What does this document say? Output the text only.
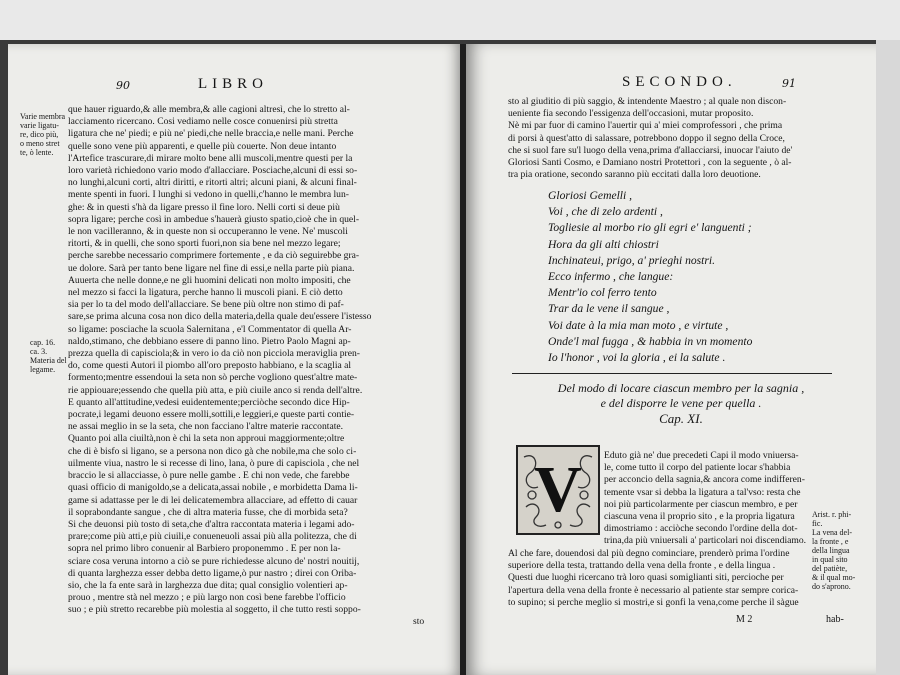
90	LIBRO
Varie membra
varie ligatu-
re, dico più,
o meno stret
te, ò lente.
cap. 16.
ca. 3.
Materia del
legame.
que hauer riguardo,& alle membra,& alle cagioni altresì, che lo stretto al-
lacciamento ricercano. Cosi vediamo nelle cosce conuenirsi più stretta
ligatura che ne' piedi; e più ne' piedi,che nelle braccia,e nelle mani. Perche
quelle sono vene più apparenti, e quelle più couerte. Non deue intanto
l'Artefice trascurare,di mirare molto bene alli muscoli,mentre questi per la
loro varietà richiedono vario modo d'allacciare. Posciache,alcuni di essi so-
no lunghi,alcuni corti, altri diritti, e ritorti altri; alcuni piani, & alcuni final-
mente spenti in fuori. I lunghi si vedono in quelli,c'hanno le membra lun-
ghe: & in questi s'hà da ligare presso il fine loro. Nelli corti si deue più
sopra ligare; perche così in ambedue s'hauerà giusto spatio,cioè che in quel-
le non vacilleranno, & in queste non si occuperanno le vene. Ne' muscoli
ritorti, & in quelli, che sono sporti fuori,non sia bene nel mezzo legare;
perche sarebbe necessario comprimere fortemente , e da ciò seguirebbe gra-
ue dolore. Sarà per tanto bene ligare nel fine di essi,e nella parte più piana.
Auuerta che nelle donne,e ne gli huomini delicati non molto impositi, che
nel mezzo si facci la ligatura, perche hanno li muscoli piani. E ciò detto
sia per lo ta del modo dell'allacciare. Se bene più oltre non stimo di paf-
sare,se prima alcuna cosa non dico della materia,della quale deu'essere l'istesso
so ligame: posciache la scuola Salernitana , e'l Commentator di quella Ar-
naldo,stimano, che debbiano essere di panno lino. Pietro Paolo Magni ap-
prezza quella di capisciola;& in vero io da ciò non picciola meraviglia pren-
do, come questi Autori il piombo all'oro preposto habbiano, e la scaglia al
formento;mentre essendoui la seta non sò perche vogliono quest'altre mate-
rie appiouare;essendo che quella più atta, e più ciuile anco si renda dell'altre.
E quanto all'attitudine,vedesi euidentemente;perciòche secondo dice Hip-
pocrate,i legami deuono essere molli,sottili,e leggieri,e queste parti contie-
ne assai meglio in se la seta, che non facciano l'altre materie raccontate.
Quanto poi alla ciuiltà,non è chi la seta non approui maggiormente;oltre
che di è bisfo si ligano, se a persona non dico gà che nobile,ma che solo ci-
uilmente viua, nastro le si recesse di lino, lana, ò pure di capisciola , che nel
braccio le si allacciasse, ò pure nelle gambe . E chi non vede, che farebbe
quasi officio di manigoldo,se a delicata,assai nobile , e morbidetta Dama li-
game si adattasse per le di lei delicatemembra allacciare, ad effetto di cauar
il soprabondante sangue , che di altra materia fusse, che di morbida seta?
Si che deuonsi più tosto di seta,che d'altra raccontata materia i legami ado-
prare;come più atti,e più ciuili,e conueneuoli assai più alla politezza, che di
sopra nel primo libro conuenir al Barbiero proponemmo . E per non la-
sciare cosa veruna intorno a ciò se pure richiedesse alcuno de' nostri nouitij,
di quanta larghezza esser debba detto ligame,ò pur nastro ; direi con Oriba-
sio, che la fa ente sarà in larghezza due dita; qual consiglio volentieri ap-
prouo , mentre stà nel mezzo ; e più largo non così bene farebbe l'officio
suo ; e più stretto recarebbe più molestia al soggetto, il che tutto resti soppo-
sto
SECONDO.	91
sto al giuditio di più saggio, & intendente Maestro ; al quale non discon-
ueniente fia secondo l'essigenza dell'occasioni, mutar proposito.
Nè mi par fuor di camino l'auertir qui a' miei comprofessori , che prima
di porsi à quest'atto di salassare, potrebbono doppo il segno della Croce,
che si suol fare su'l luogo della vena,prima d'allacciarsi, inuocar l'aiuto de'
Gloriosi Santi Cosmo, e Damiano nostri Protettori , con la seguente , ò al-
tra pia oratione, secondo saranno più eccitati dalla loro deuotione.
Gloriosi Gemelli ,
Voi , che di zelo ardenti ,
Togliesie al morbo rio gli egri e' languenti ;
Hora da gli alti chiostri
Inchinateui, prigo, a' prieghi nostri.
Ecco infermo , che langue:
Mentr'io col ferro tento
Trar da le vene il sangue ,
Voi date à la mia man moto , e virtute ,
Onde'l mal fugga , & habbia in vn momento
Io l'honor , voi la gloria , ei la salute .
Del modo di locare ciascun membro per la sagnia ,
e del disporre le vene per quella .
Cap. XI.
V	Eduto già ne' due precedeti Capi il modo vniuersa-
le, come tutto il corpo del patiente locar s'habbia
per acconcio della sagnia,& ancora come indifferen-
temente vsar si debba la ligatura a tal'vso: resta che
noi più particolarmente per ciascun membro, e per
ciascuna vena il proprio sito , e la propria ligatura
dimostriamo : acciòche secondo l'ordine della dot-
trina,da più vniuersali a' particolari noi discendiamo.
Al che fare, douendosi dal più degno cominciare, prenderò prima l'ordine
superiore della testa, trattando della vena della fronte , e della lingua .
Questi due luoghi ricercano trà loro quasi somiglianti siti, percioche per
l'apertura della vena della fronte è necessario al patiente star sempre corica-
to supino; si perche meglio si mostri,e si gonfi la vena,come perche il sàgue
Arist. r. phi-
fic.
La vena del-
la fronte , e
della lingua
in qual sito
del patiète,
& il qual mo-
do s'aprono.
M 2	hab-
